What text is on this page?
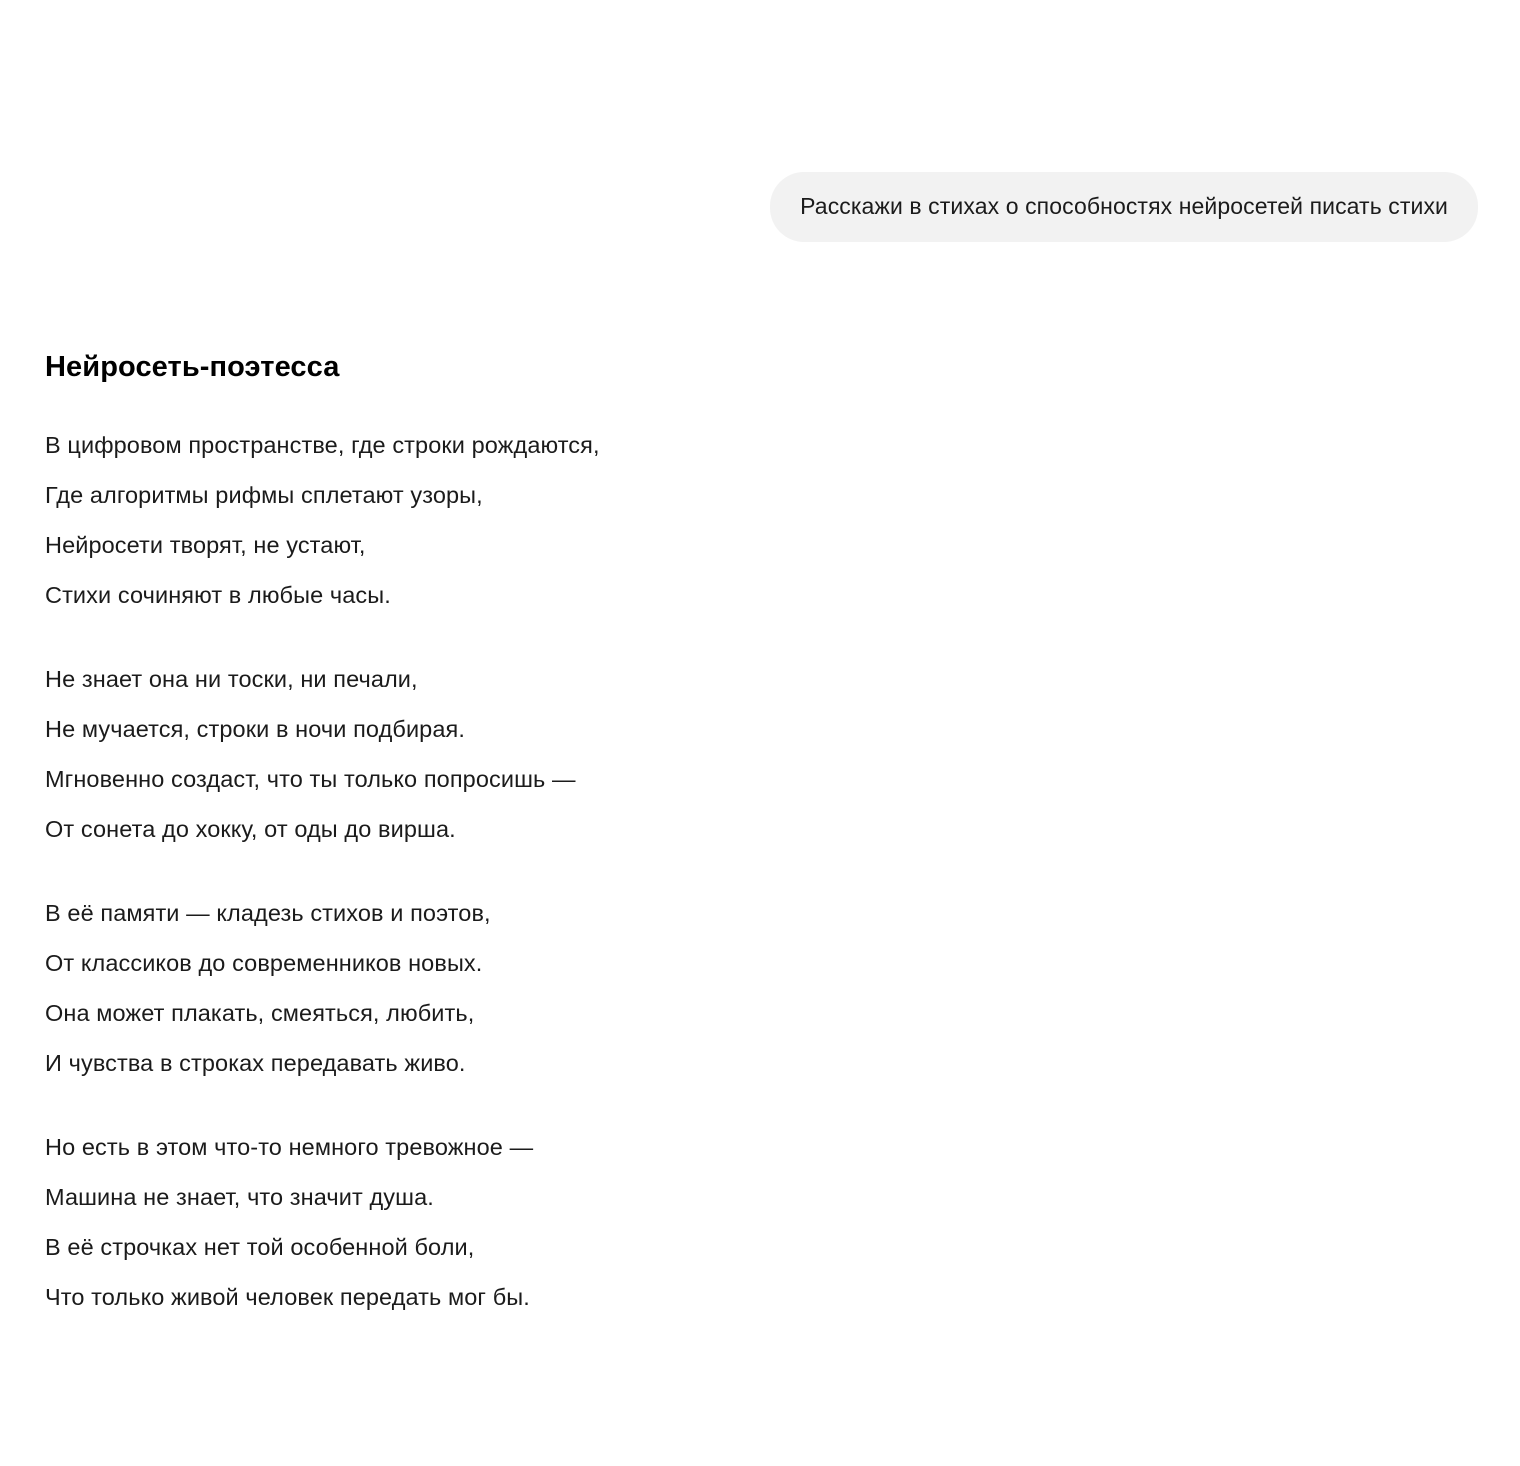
Расскажи в стихах о способностях нейросетей писать стихи
Нейросеть-поэтесса
В цифровом пространстве, где строки рождаются,
Где алгоритмы рифмы сплетают узоры,
Нейросети творят, не устают,
Стихи сочиняют в любые часы.
Не знает она ни тоски, ни печали,
Не мучается, строки в ночи подбирая.
Мгновенно создаст, что ты только попросишь —
От сонета до хокку, от оды до вирша.
В её памяти — кладезь стихов и поэтов,
От классиков до современников новых.
Она может плакать, смеяться, любить,
И чувства в строках передавать живо.
Но есть в этом что-то немного тревожное —
Машина не знает, что значит душа.
В её строчках нет той особенной боли,
Что только живой человек передать мог бы.
